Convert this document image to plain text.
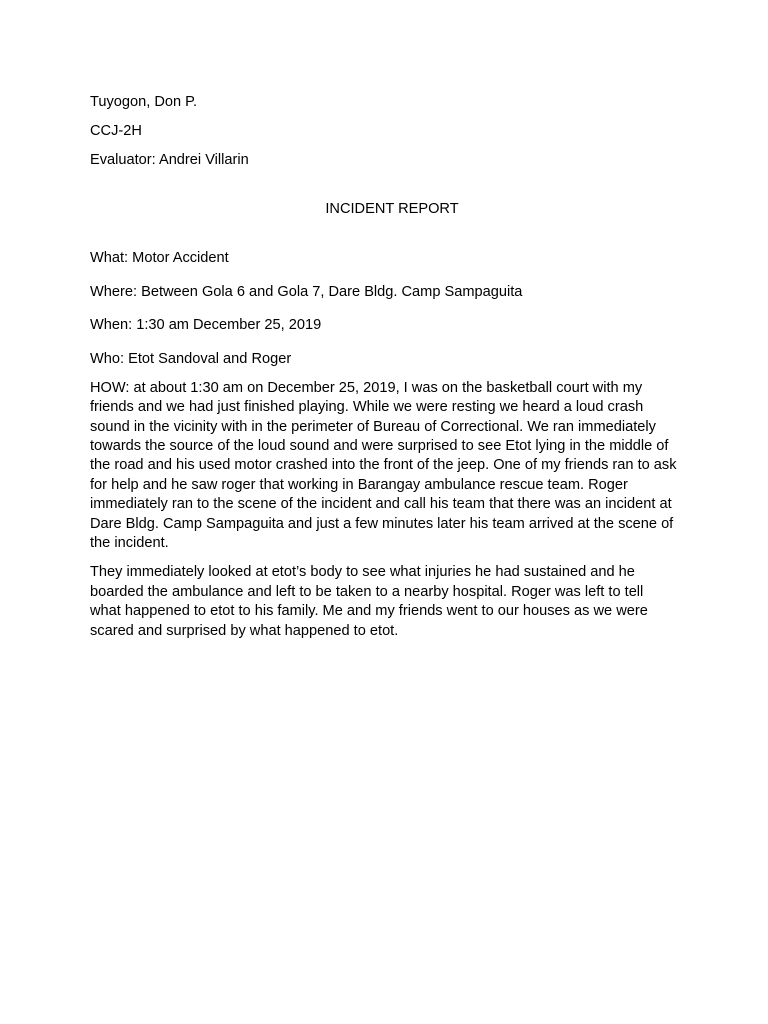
Tuyogon, Don P.

CCJ-2H

Evaluator: Andrei Villarin

INCIDENT REPORT

What: Motor Accident

Where: Between Gola 6 and Gola 7, Dare Bldg. Camp Sampaguita

When: 1:30 am December 25, 2019

Who: Etot Sandoval and Roger

HOW: at about 1:30 am on December 25, 2019, I was on the basketball court with my friends and we had just finished playing. While we were resting we heard a loud crash sound in the vicinity with in the perimeter of Bureau of Correctional. We ran immediately towards the source of the loud sound and were surprised to see Etot lying in the middle of the road and his used motor crashed into the front of the jeep. One of my friends ran to ask for help and he saw roger that working in Barangay ambulance rescue team. Roger immediately ran to the scene of the incident and call his team that there was an incident at Dare Bldg. Camp Sampaguita and just a few minutes later his team arrived at the scene of the incident.

They immediately looked at etot’s body to see what injuries he had sustained and he boarded the ambulance and left to be taken to a nearby hospital. Roger was left to tell what happened to etot to his family. Me and my friends went to our houses as we were scared and surprised by what happened to etot.
